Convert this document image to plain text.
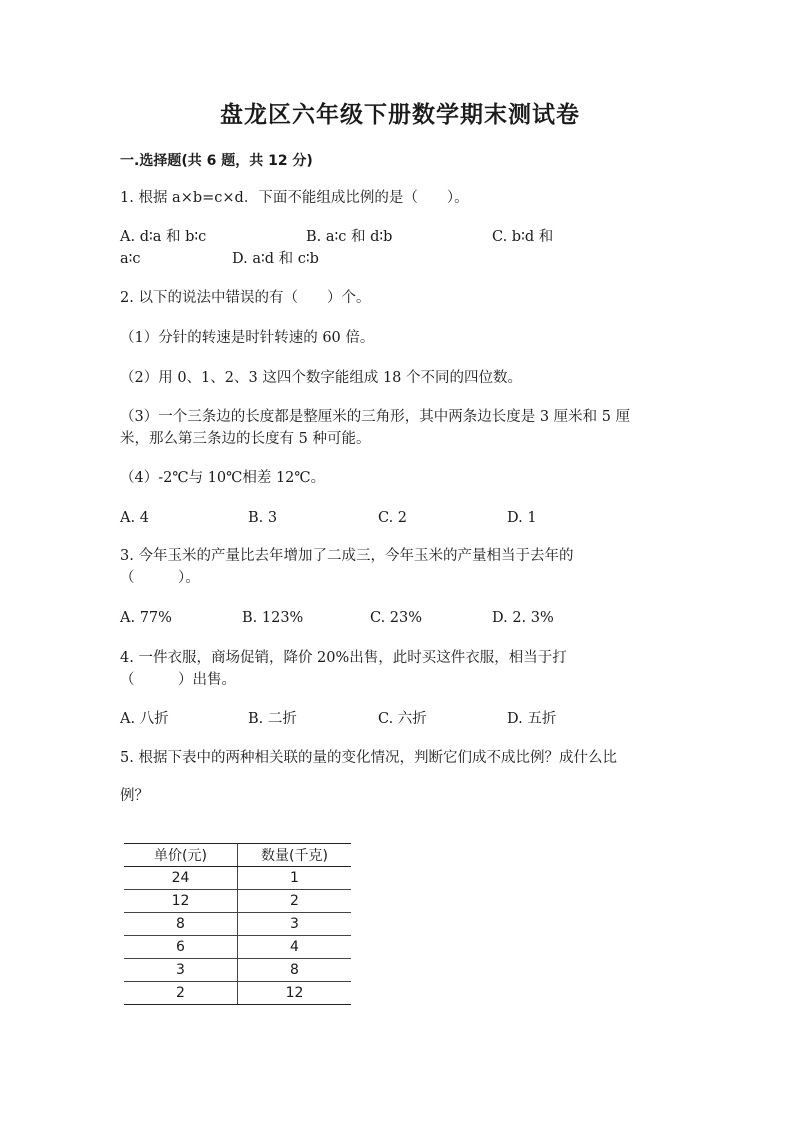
盘龙区六年级下册数学期末测试卷
一.选择题(共 6 题，共 12 分)
1. 根据 a×b=c×d．下面不能组成比例的是（　　）。
A. d∶a 和 b∶c	B. a∶c 和 d∶b	C. b∶d 和
a∶c	D. a∶d 和 c∶b
2. 以下的说法中错误的有（　　）个。
（1）分针的转速是时针转速的 60 倍。
（2）用 0、1、2、3 这四个数字能组成 18 个不同的四位数。
（3）一个三条边的长度都是整厘米的三角形，其中两条边长度是 3 厘米和 5 厘
米，那么第三条边的长度有 5 种可能。
（4）-2℃与 10℃相差 12℃。
A. 4	B. 3	C. 2	D. 1
3. 今年玉米的产量比去年增加了二成三，今年玉米的产量相当于去年的
（　　　）。
A. 77%	B. 123%	C. 23%	D. 2. 3%
4. 一件衣服，商场促销，降价 20%出售，此时买这件衣服，相当于打
（　　　）出售。
A. 八折	B. 二折	C. 六折	D. 五折
5. 根据下表中的两种相关联的量的变化情况，判断它们成不成比例？成什么比
例？
单价(元)	数量(千克)
24	1
12	2
8	3
6	4
3	8
2	12
